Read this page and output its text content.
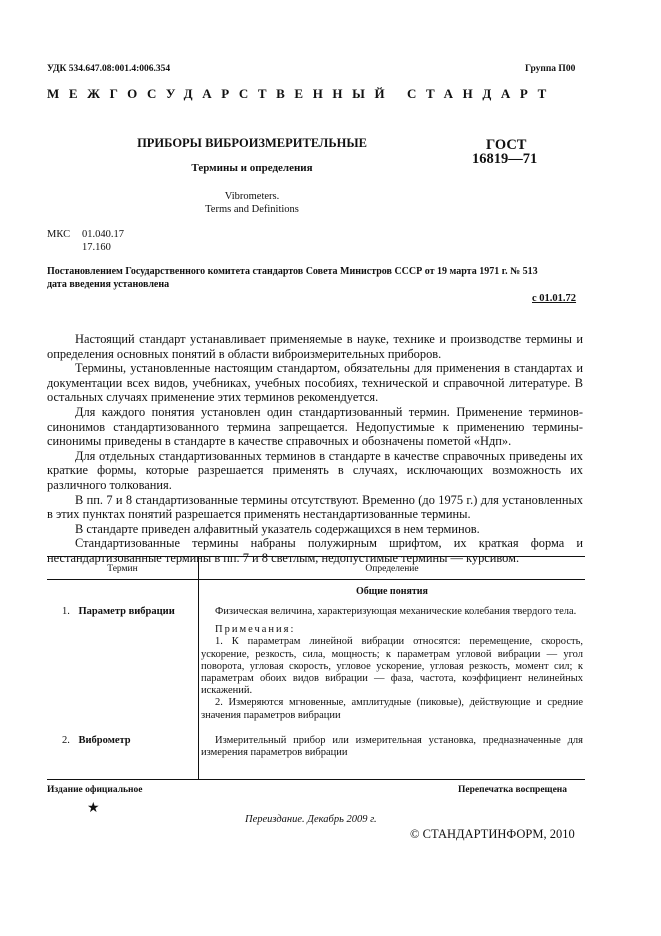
УДК 534.647.08:001.4:006.354	Группа П00
МЕЖГОСУДАРСТВЕННЫЙ СТАНДАРТ
ПРИБОРЫ ВИБРОИЗМЕРИТЕЛЬНЫЕ
Термины и определения
Vibrometers.
Terms and Definitions
ГОСТ
16819—71
МКС 01.040.17
17.160
Постановлением Государственного комитета стандартов Совета Министров СССР от 19 марта 1971 г. № 513
дата введения установлена
с 01.01.72

Настоящий стандарт устанавливает применяемые в науке, технике и производстве термины и определения основных понятий в области виброизмерительных приборов.

Термины, установленные настоящим стандартом, обязательны для применения в стандартах и документации всех видов, учебниках, учебных пособиях, технической и справочной литературе. В остальных случаях применение этих терминов рекомендуется.

Для каждого понятия установлен один стандартизованный термин. Применение терминов-синонимов стандартизованного термина запрещается. Недопустимые к применению термины-синонимы приведены в стандарте в качестве справочных и обозначены пометой «Ндп».

Для отдельных стандартизованных терминов в стандарте в качестве справочных приведены их краткие формы, которые разрешается применять в случаях, исключающих возможность их различного толкования.

В пп. 7 и 8 стандартизованные термины отсутствуют. Временно (до 1975 г.) для установленных в этих пунктах понятий разрешается применять нестандартизованные термины.

В стандарте приведен алфавитный указатель содержащихся в нем терминов.

Стандартизованные термины набраны полужирным шрифтом, их краткая форма и нестандартизованные термины в пп. 7 и 8 светлым, недопустимые термины — курсивом.

Термин	Определение
Общие понятия
1. Параметр вибрации	Физическая величина, характеризующая механические колебания твердого тела.
Примечания:
1. К параметрам линейной вибрации относятся: перемещение, скорость, ускорение, резкость, сила, мощность; к параметрам угловой вибрации — угол поворота, угловая скорость, угловое ускорение, угловая резкость, момент сил; к параметрам обоих видов вибрации — фаза, частота, коэффициент нелинейных искажений.
2. Измеряются мгновенные, амплитудные (пиковые), действующие и средние значения параметров вибрации
2. Виброметр	Измерительный прибор или измерительная установка, предназначенные для измерения параметров вибрации
Издание официальное	Перепечатка воспрещена
★
Переиздание. Декабрь 2009 г.
© СТАНДАРТИНФОРМ, 2010
